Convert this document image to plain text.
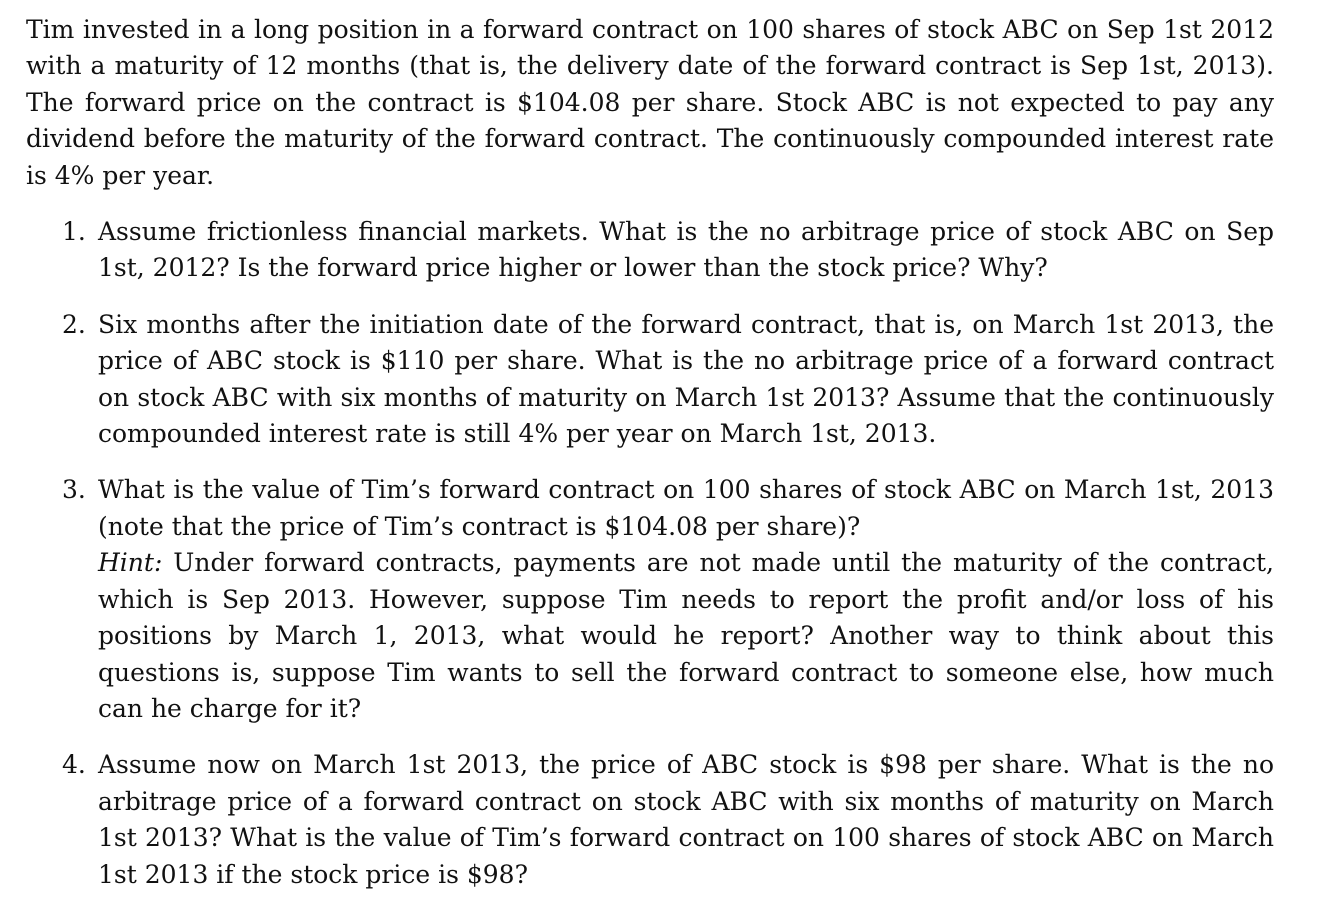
Tim invested in a long position in a forward contract on 100 shares of stock ABC on Sep 1st 2012 with a maturity of 12 months (that is, the delivery date of the forward contract is Sep 1st, 2013). The forward price on the contract is $104.08 per share. Stock ABC is not expected to pay any dividend before the maturity of the forward contract. The continuously compounded interest rate is 4% per year.

1. Assume frictionless financial markets. What is the no arbitrage price of stock ABC on Sep 1st, 2012? Is the forward price higher or lower than the stock price? Why?
2. Six months after the initiation date of the forward contract, that is, on March 1st 2013, the price of ABC stock is $110 per share. What is the no arbitrage price of a forward contract on stock ABC with six months of maturity on March 1st 2013? Assume that the continuously compounded interest rate is still 4% per year on March 1st, 2013.
3. What is the value of Tim’s forward contract on 100 shares of stock ABC on March 1st, 2013 (note that the price of Tim’s contract is $104.08 per share)?
Hint: Under forward contracts, payments are not made until the maturity of the contract, which is Sep 2013. However, suppose Tim needs to report the profit and/or loss of his positions by March 1, 2013, what would he report? Another way to think about this questions is, suppose Tim wants to sell the forward contract to someone else, how much can he charge for it?
4. Assume now on March 1st 2013, the price of ABC stock is $98 per share. What is the no arbitrage price of a forward contract on stock ABC with six months of maturity on March 1st 2013? What is the value of Tim’s forward contract on 100 shares of stock ABC on March 1st 2013 if the stock price is $98?
